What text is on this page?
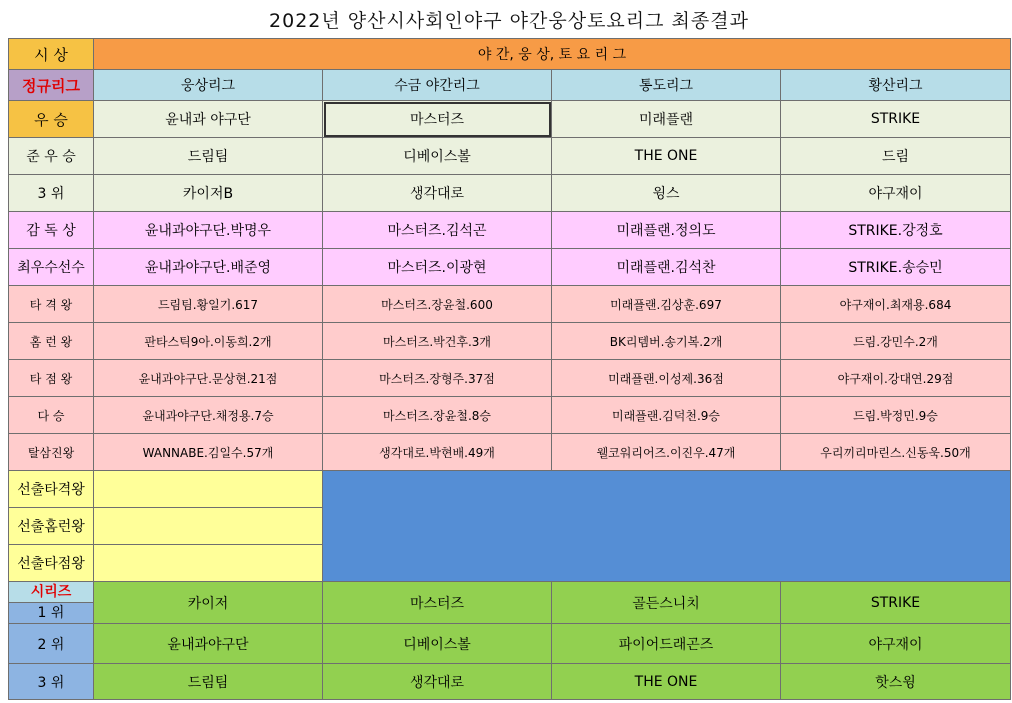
2022년 양산시사회인야구 야간웅상토요리그 최종결과
시 상	야 간, 웅 상, 토 요 리 그			
정규리그	웅상리그	수금 야간리그	통도리그	황산리그
우 승	윤내과 야구단	마스터즈	미래플랜	STRIKE
준 우 승	드림팀	디베이스볼	THE ONE	드림
3 위	카이저B	생각대로	윙스	야구재이
감 독 상	윤내과야구단.박명우	마스터즈.김석곤	미래플랜.정의도	STRIKE.강정호
최우수선수	윤내과야구단.배준영	마스터즈.이광현	미래플랜.김석찬	STRIKE.송승민
타 격 왕	드림팀.황일기.617	마스터즈.장윤철.600	미래플랜.김상훈.697	야구재이.최재용.684
홈 런 왕	판타스틱9아.이동희.2개	마스터즈.박건후.3개	BK리템버.송기복.2개	드림.강민수.2개
타 점 왕	윤내과야구단.문상현.21점	마스터즈.장형주.37점	미래플랜.이성제.36점	야구재이.강대연.29점
다 승	윤내과야구단.채정용.7승	마스터즈.장윤철.8승	미래플랜.김덕천.9승	드림.박정민.9승
탈삼진왕	WANNABE.김일수.57개	생각대로.박현배.49개	웰코워리어즈.이진우.47개	우리끼리마린스.신동욱.50개
선출타격왕				
선출홈런왕				
선출타점왕				

시리즈
1 위	카이저	마스터즈	골든스니치	STRIKE
2 위	윤내과야구단	디베이스볼	파이어드래곤즈	야구재이
3 위	드림팀	생각대로	THE ONE	핫스윙
